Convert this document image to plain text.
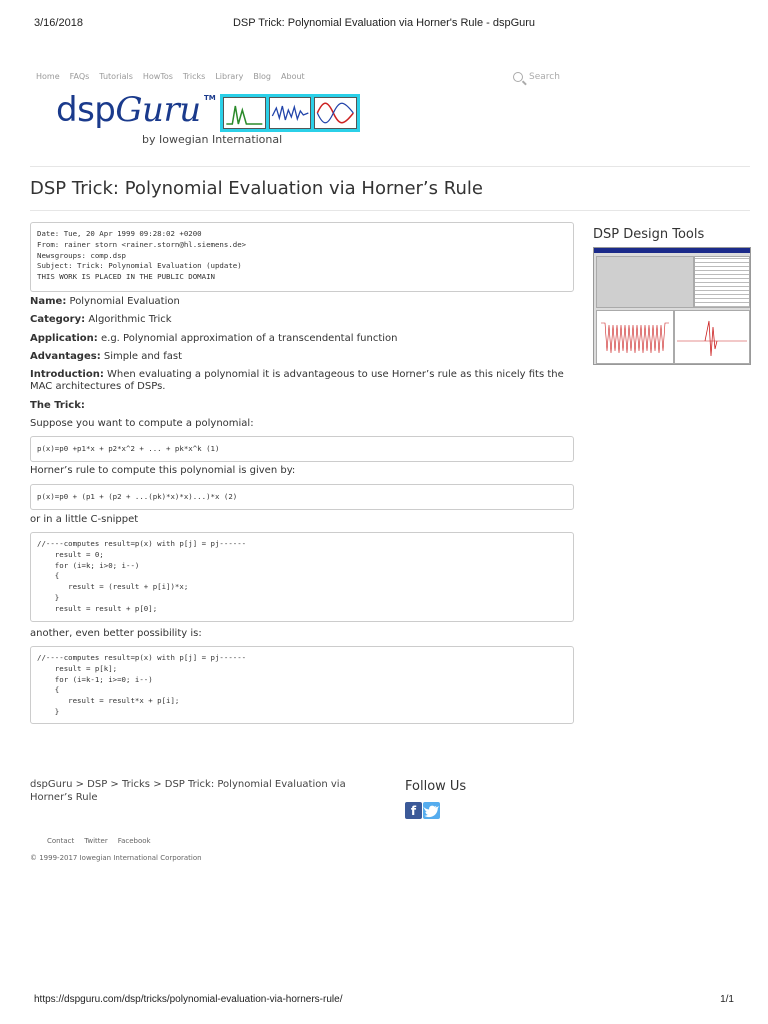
3/16/2018	DSP Trick: Polynomial Evaluation via Horner's Rule - dspGuru
Home FAQs Tutorials HowTos Tricks Library Blog About	Search
dspGuru TM
by Iowegian International
DSP Trick: Polynomial Evaluation via Horner’s Rule
Date: Tue, 20 Apr 1999 09:28:02 +0200
From: rainer storn <rainer.storn@hl.siemens.de>
Newsgroups: comp.dsp
Subject: Trick: Polynomial Evaluation (update)
THIS WORK IS PLACED IN THE PUBLIC DOMAIN
Name: Polynomial Evaluation
Category: Algorithmic Trick
Application: e.g. Polynomial approximation of a transcendental function
Advantages: Simple and fast
Introduction: When evaluating a polynomial it is advantageous to use Horner’s rule as this nicely fits the MAC architectures of DSPs.
The Trick:
Suppose you want to compute a polynomial:
p(x)=p0 +p1*x + p2*x^2 + ... + pk*x^k (1)
Horner’s rule to compute this polynomial is given by:
p(x)=p0 + (p1 + (p2 + ...(pk)*x)*x)...)*x (2)
or in a little C-snippet
//----computes result=p(x) with p[j] = pj------
result = 0;
for (i=k; i>0; i--)
{
result = (result + p[i])*x;
}
result = result + p[0];
another, even better possibility is:
//----computes result=p(x) with p[j] = pj------
result = p[k];
for (i=k-1; i>=0; i--)
{
result = result*x + p[i];
}
DSP Design Tools
dspGuru > DSP > Tricks > DSP Trick: Polynomial Evaluation via Horner’s Rule
Follow Us
f
Contact Twitter Facebook
© 1999-2017 Iowegian International Corporation
https://dspguru.com/dsp/tricks/polynomial-evaluation-via-horners-rule/	1/1
